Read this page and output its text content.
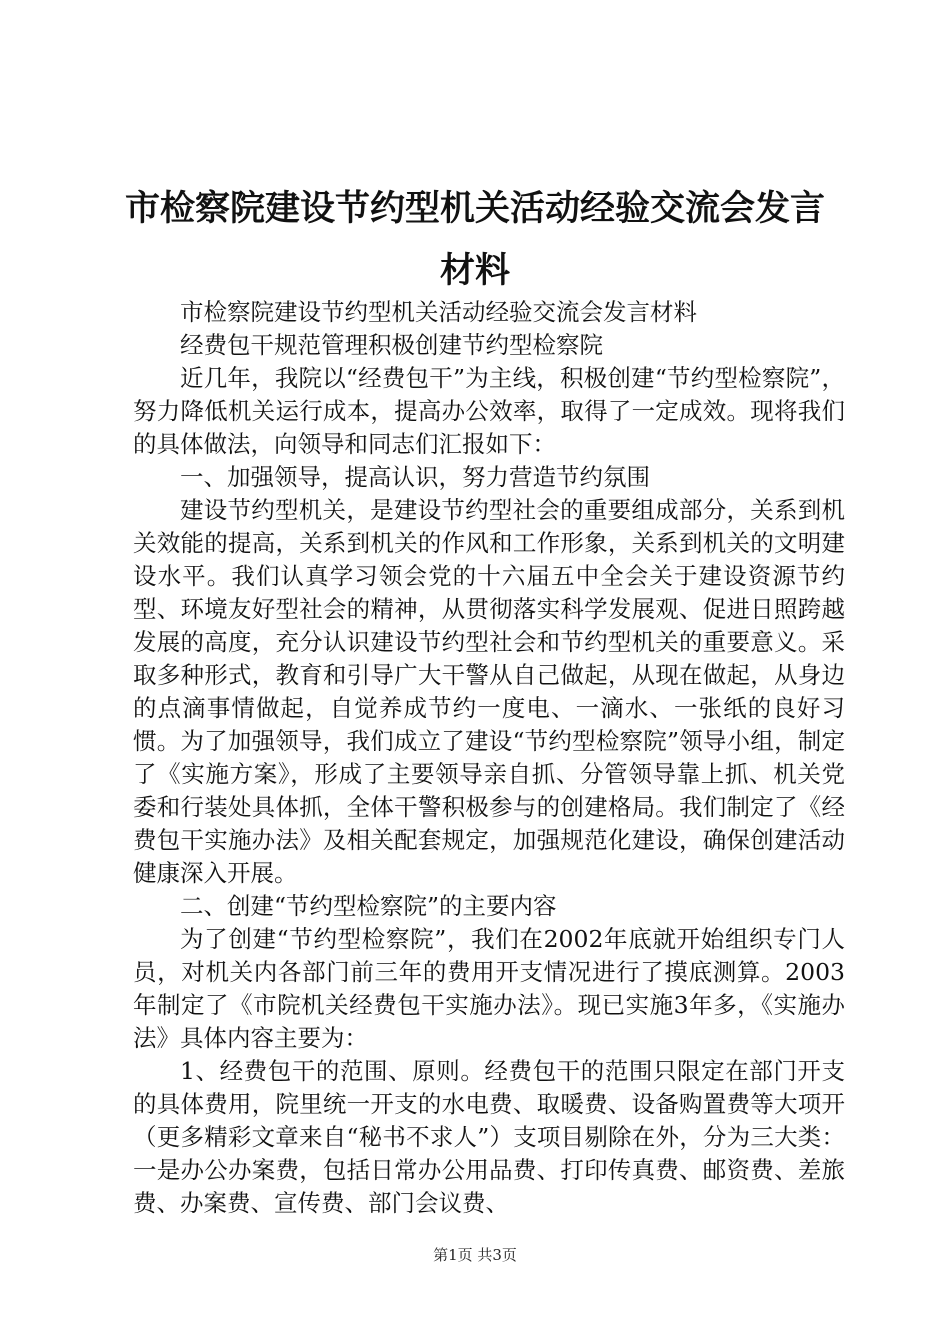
市检察院建设节约型机关活动经验交流会发言材料

市检察院建设节约型机关活动经验交流会发言材料

经费包干规范管理积极创建节约型检察院

近几年，我院以“经费包干”为主线，积极创建“节约型检察院”，努力降低机关运行成本，提高办公效率，取得了一定成效。现将我们的具体做法，向领导和同志们汇报如下：

一、加强领导，提高认识，努力营造节约氛围

建设节约型机关，是建设节约型社会的重要组成部分，关系到机关效能的提高，关系到机关的作风和工作形象，关系到机关的文明建设水平。我们认真学习领会党的十六届五中全会关于建设资源节约型、环境友好型社会的精神，从贯彻落实科学发展观、促进日照跨越发展的高度，充分认识建设节约型社会和节约型机关的重要意义。采取多种形式，教育和引导广大干警从自己做起，从现在做起，从身边的点滴事情做起，自觉养成节约一度电、一滴水、一张纸的良好习惯。为了加强领导，我们成立了建设“节约型检察院”领导小组，制定了《实施方案》，形成了主要领导亲自抓、分管领导靠上抓、机关党委和行装处具体抓，全体干警积极参与的创建格局。我们制定了《经费包干实施办法》及相关配套规定，加强规范化建设，确保创建活动健康深入开展。

二、创建“节约型检察院”的主要内容

为了创建“节约型检察院”，我们在2002年底就开始组织专门人员，对机关内各部门前三年的费用开支情况进行了摸底测算。2003年制定了《市院机关经费包干实施办法》。现已实施3年多，《实施办法》具体内容主要为：

1、经费包干的范围、原则。经费包干的范围只限定在部门开支的具体费用，院里统一开支的水电费、取暖费、设备购置费等大项开（更多精彩文章来自“秘书不求人”）支项目剔除在外，分为三大类：一是办公办案费，包括日常办公用品费、打印传真费、邮资费、差旅费、办案费、宣传费、部门会议费、

第1页 共3页
